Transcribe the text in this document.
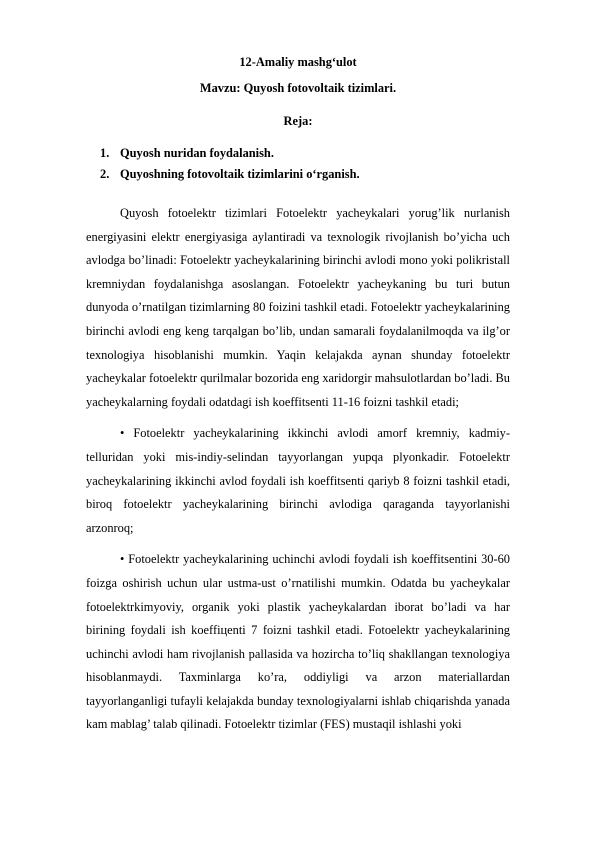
12-Amaliy mashg‘ulot
Mavzu: Quyosh fotovoltaik tizimlari.
Reja:
1. Quyosh nuridan foydalanish.
2. Quyoshning fotovoltaik tizimlarini o‘rganish.

Quyosh fotoelektr tizimlari Fotoelektr yacheykalari yorug’lik nurlanish energiyasini elektr energiyasiga aylantiradi va texnologik rivojlanish bo’yicha uch avlodga bo’linadi: Fotoelektr yacheykalarining birinchi avlodi mono yoki polikristall kremniydan foydalanishga asoslangan. Fotoelektr yacheykaning bu turi butun dunyoda o’rnatilgan tizimlarning 80 foizini tashkil etadi. Fotoelektr yacheykalarining birinchi avlodi eng keng tarqalgan bo’lib, undan samarali foydalanilmoqda va ilg’or texnologiya hisoblanishi mumkin. Yaqin kelajakda aynan shunday fotoelektr yacheykalar fotoelektr qurilmalar bozorida eng xaridorgir mahsulotlardan bo’ladi. Bu yacheykalarning foydali odatdagi ish koeffitsenti 11-16 foizni tashkil etadi;

• Fotoelektr yacheykalarining ikkinchi avlodi amorf kremniy, kadmiy-telluridan yoki mis-indiy-selindan tayyorlangan yupqa plyonkadir. Fotoelektr yacheykalarining ikkinchi avlod foydali ish koeffitsenti qariyb 8 foizni tashkil etadi, biroq fotoelektr yacheykalarining birinchi avlodiga qaraganda tayyorlanishi arzonroq;

• Fotoelektr yacheykalarining uchinchi avlodi foydali ish koeffitsentini 30-60 foizga oshirish uchun ular ustma-ust o’rnatilishi mumkin. Odatda bu yacheykalar fotoelektrkimyoviy, organik yoki plastik yacheykalardan iborat bo’ladi va har birining foydali ish koeffiцenti 7 foizni tashkil etadi. Fotoelektr yacheykalarining uchinchi avlodi ham rivojlanish pallasida va hozircha to’liq shakllangan texnologiya hisoblanmaydi. Taxminlarga ko’ra, oddiyligi va arzon materiallardan tayyorlanganligi tufayli kelajakda bunday texnologiyalarni ishlab chiqarishda yanada kam mablag’ talab qilinadi. Fotoelektr tizimlar (FES) mustaqil ishlashi yoki
